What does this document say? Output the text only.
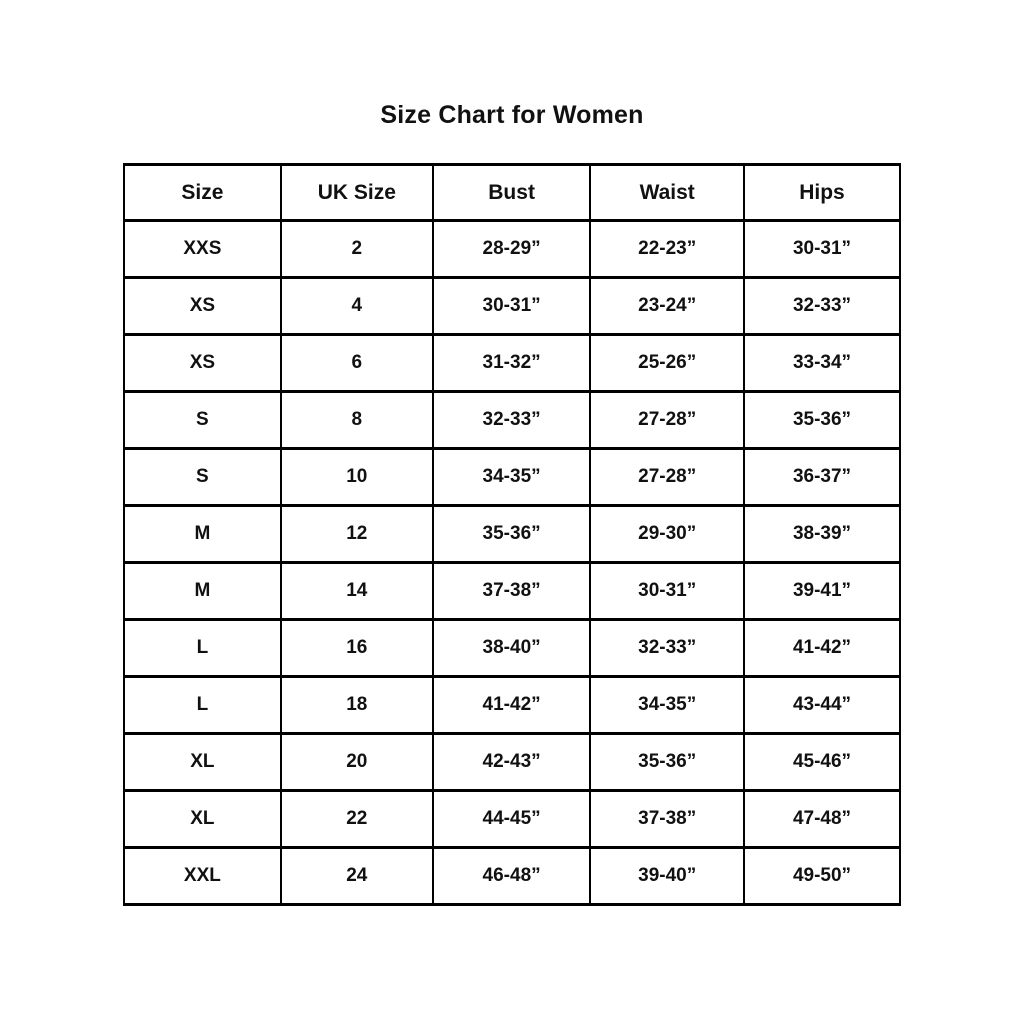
Size Chart for Women
Size	UK Size	Bust	Waist	Hips
XXS	2	28-29”	22-23”	30-31”
XS	4	30-31”	23-24”	32-33”
XS	6	31-32”	25-26”	33-34”
S	8	32-33”	27-28”	35-36”
S	10	34-35”	27-28”	36-37”
M	12	35-36”	29-30”	38-39”
M	14	37-38”	30-31”	39-41”
L	16	38-40”	32-33”	41-42”
L	18	41-42”	34-35”	43-44”
XL	20	42-43”	35-36”	45-46”
XL	22	44-45”	37-38”	47-48”
XXL	24	46-48”	39-40”	49-50”
